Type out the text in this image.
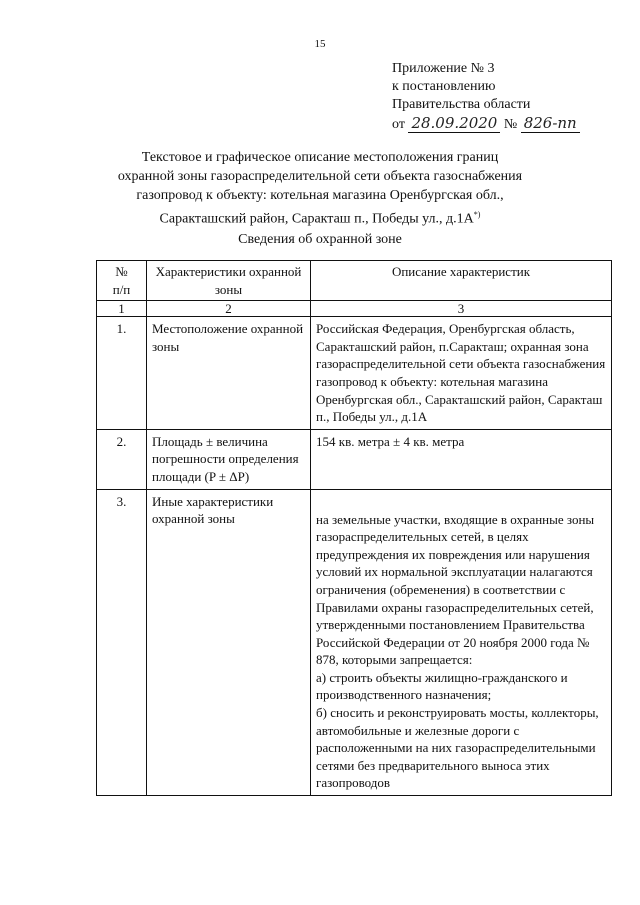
15
Приложение № 3
к постановлению
Правительства области
от 28.09.2020 № 826-пп
Текстовое и графическое описание местоположения границ
охранной зоны газораспределительной сети объекта газоснабжения
газопровод к объекту: котельная магазина Оренбургская обл.,
Саракташский район, Саракташ п., Победы ул., д.1А*)
Сведения об охранной зоне
№
п/п	Характеристики охранной зоны	Описание характеристик
1	2	3
1.	Местоположение охранной зоны	Российская Федерация, Оренбургская область, Саракташский район, п.Саракташ; охранная зона газораспределительной сети объекта газоснабжения газопровод к объекту: котельная магазина Оренбургская обл., Саракташский район, Саракташ п., Победы ул., д.1А
2.	Площадь ± величина погрешности определения площади (P ± ΔP)	154 кв. метра ± 4 кв. метра
3.	Иные характеристики охранной зоны	на земельные участки, входящие в охранные зоны газораспределительных сетей, в целях предупреждения их повреждения или нарушения условий их нормальной эксплуатации налагаются ограничения (обременения) в соответствии с Правилами охраны газораспределительных сетей, утвержденными постановлением Правительства Российской Федерации от 20 ноября 2000 года № 878, которыми запрещается:
а) строить объекты жилищно-гражданского и производственного назначения;
б) сносить и реконструировать мосты, коллекторы, автомобильные и железные дороги с расположенными на них газораспределительными сетями без предварительного выноса этих газопроводов
